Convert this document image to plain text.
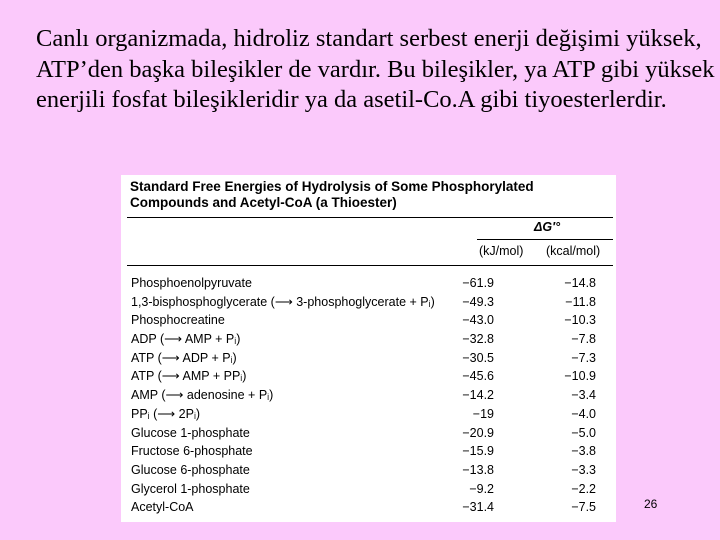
Canlı organizmada, hidroliz standart serbest enerji değişimi yüksek, ATP’den başka bileşikler de vardır. Bu bileşikler, ya ATP gibi yüksek enerjili fosfat bileşikleridir ya da asetil-Co.A gibi tiyoesterlerdir.

Standard Free Energies of Hydrolysis of Some Phosphorylated
Compounds and Acetyl-CoA (a Thioester)
ΔG′°
(kJ/mol) (kcal/mol)
Phosphoenolpyruvate	−61.9	−14.8
1,3-bisphosphoglycerate (⟶ 3-phosphoglycerate + Pᵢ) −49.3	−11.8
Phosphocreatine	−43.0	−10.3
ADP (⟶ AMP + Pᵢ)	−32.8	−7.8
ATP (⟶ ADP + Pᵢ)	−30.5	−7.3
ATP (⟶ AMP + PPᵢ)	−45.6	−10.9
AMP (⟶ adenosine + Pᵢ)	−14.2	−3.4
PPᵢ (⟶ 2Pᵢ)	−19	−4.0
Glucose 1-phosphate	−20.9	−5.0
Fructose 6-phosphate	−15.9	−3.8
Glucose 6-phosphate	−13.8	−3.3
Glycerol 1-phosphate	−9.2	−2.2
Acetyl-CoA	−31.4	−7.5	26
